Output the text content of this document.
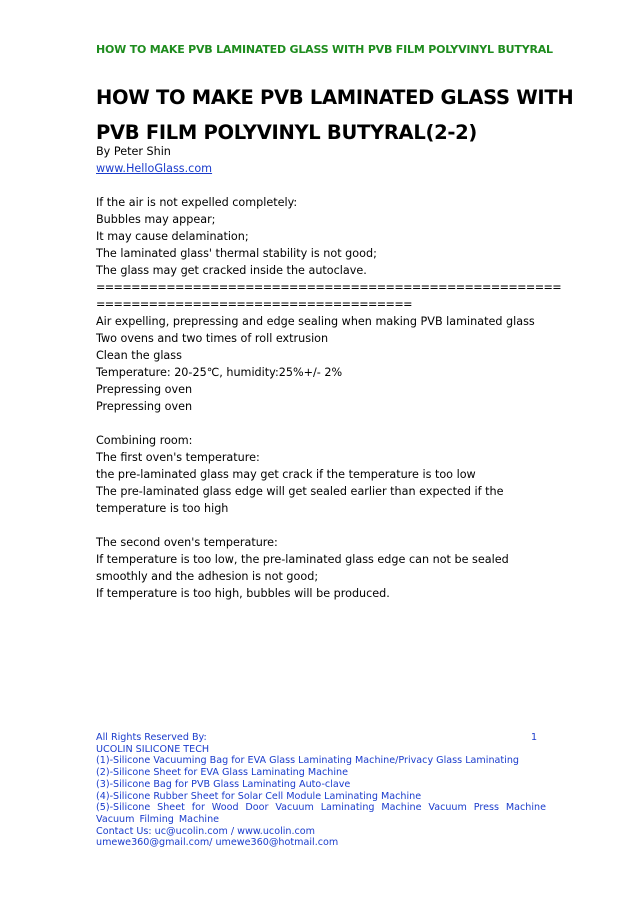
HOW TO MAKE PVB LAMINATED GLASS WITH PVB FILM POLYVINYL BUTYRAL
HOW TO MAKE PVB LAMINATED GLASS WITH
PVB FILM POLYVINYL BUTYRAL(2-2)
By Peter Shin
www.HelloGlass.com
If the air is not expelled completely:
Bubbles may appear;
It may cause delamination;
The laminated glass' thermal stability is not good;
The glass may get cracked inside the autoclave.
=====================================================
====================================
Air expelling, prepressing and edge sealing when making PVB laminated glass
Two ovens and two times of roll extrusion
Clean the glass
Temperature: 20-25℃, humidity:25%+/- 2%
Prepressing oven
Prepressing oven
Combining room:
The first oven's temperature:
the pre-laminated glass may get crack if the temperature is too low
The pre-laminated glass edge will get sealed earlier than expected if the temperature is too high
The second oven's temperature:
If temperature is too low, the pre-laminated glass edge can not be sealed smoothly and the adhesion is not good;
If temperature is too high, bubbles will be produced.
1
All Rights Reserved By:
UCOLIN SILICONE TECH
(1)-Silicone Vacuuming Bag for EVA Glass Laminating Machine/Privacy Glass Laminating
(2)-Silicone Sheet for EVA Glass Laminating Machine
(3)-Silicone Bag for PVB Glass Laminating Auto-clave
(4)-Silicone Rubber Sheet for Solar Cell Module Laminating Machine
(5)-Silicone Sheet for Wood Door Vacuum Laminating Machine Vacuum Press Machine Vacuum Filming Machine
Contact Us: uc@ucolin.com / www.ucolin.com
umewe360@gmail.com/ umewe360@hotmail.com
